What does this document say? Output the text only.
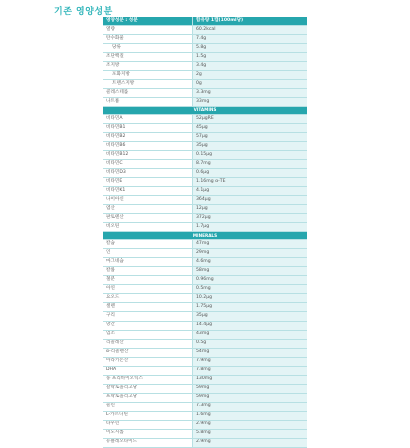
기존 영양성분
영양성분 : 성분	함유량 1캡(100ml당)
열량	60.2kcal
탄수화물	7.4g
당류	5.8g
조단백질	1.5g
조지방	3.4g
포화지방	2g
트랜스지방	0g
콜레스테롤	3.3mg
나트륨	33mg
VITAMINS	
비타민A	52μgRE
비타민B1	45μg
비타민B2	57μg
비타민B6	35μg
비타민B12	0.15μg
비타민C	8.7mg
비타민D3	0.6μg
비타민E	1.16mg α-TE
비타민K1	4.1μg
나이아신	364μg
엽산	12μg
판토텐산	372μg
비오틴	1.7μg
MINERALS	
칼슘	47mg
인	29mg
마그네슘	4.6mg
칼륨	58mg
철분	0.96mg
아연	0.5mg
요오드	10.2μg
셀렌	1.75μg
구리	35μg
망간	14.4μg
염소	43mg
리놀레산	0.5g
α-리놀렌산	54mg
아라키돈산	7.9mg
DHA	7.8mg
풍 프리바이오틱스	130mg
갈락토올리고당	59mg
프락토올리고당	59mg
콜린	7.3mg
L-카르니틴	1.6mg
타우린	2.9mg
이노시톨	5.8mg
뉴클레오타이드	2.9mg
